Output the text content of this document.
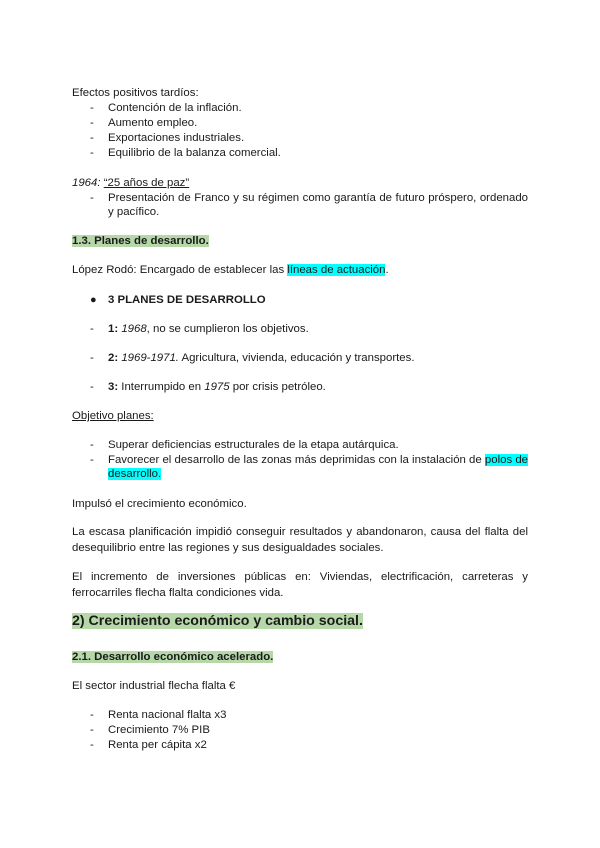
Efectos positivos tardíos:
- Contención de la inflación.
- Aumento empleo.
- Exportaciones industriales.
- Equilibrio de la balanza comercial.
1964: “25 años de paz”
- Presentación de Franco y su régimen como garantía de futuro próspero, ordenado y pacífico.
1.3. Planes de desarrollo.
López Rodó: Encargado de establecer las líneas de actuación.
● 3 PLANES DE DESARROLLO
- 1: 1968, no se cumplieron los objetivos.
- 2: 1969-1971. Agricultura, vivienda, educación y transportes.
- 3: Interrumpido en 1975 por crisis petróleo.
Objetivo planes:
- Superar deficiencias estructurales de la etapa autárquica.
- Favorecer el desarrollo de las zonas más deprimidas con la instalación de polos de desarrollo.
Impulsó el crecimiento económico.
La escasa planificación impidió conseguir resultados y abandonaron, causa del flalta del desequilibrio entre las regiones y sus desigualdades sociales.
El incremento de inversiones públicas en: Viviendas, electrificación, carreteras y ferrocarriles flecha flalta condiciones vida.
2) Crecimiento económico y cambio social.
2.1. Desarrollo económico acelerado.
El sector industrial flecha flalta €
- Renta nacional flalta x3
- Crecimiento 7% PIB
- Renta per cápita x2
